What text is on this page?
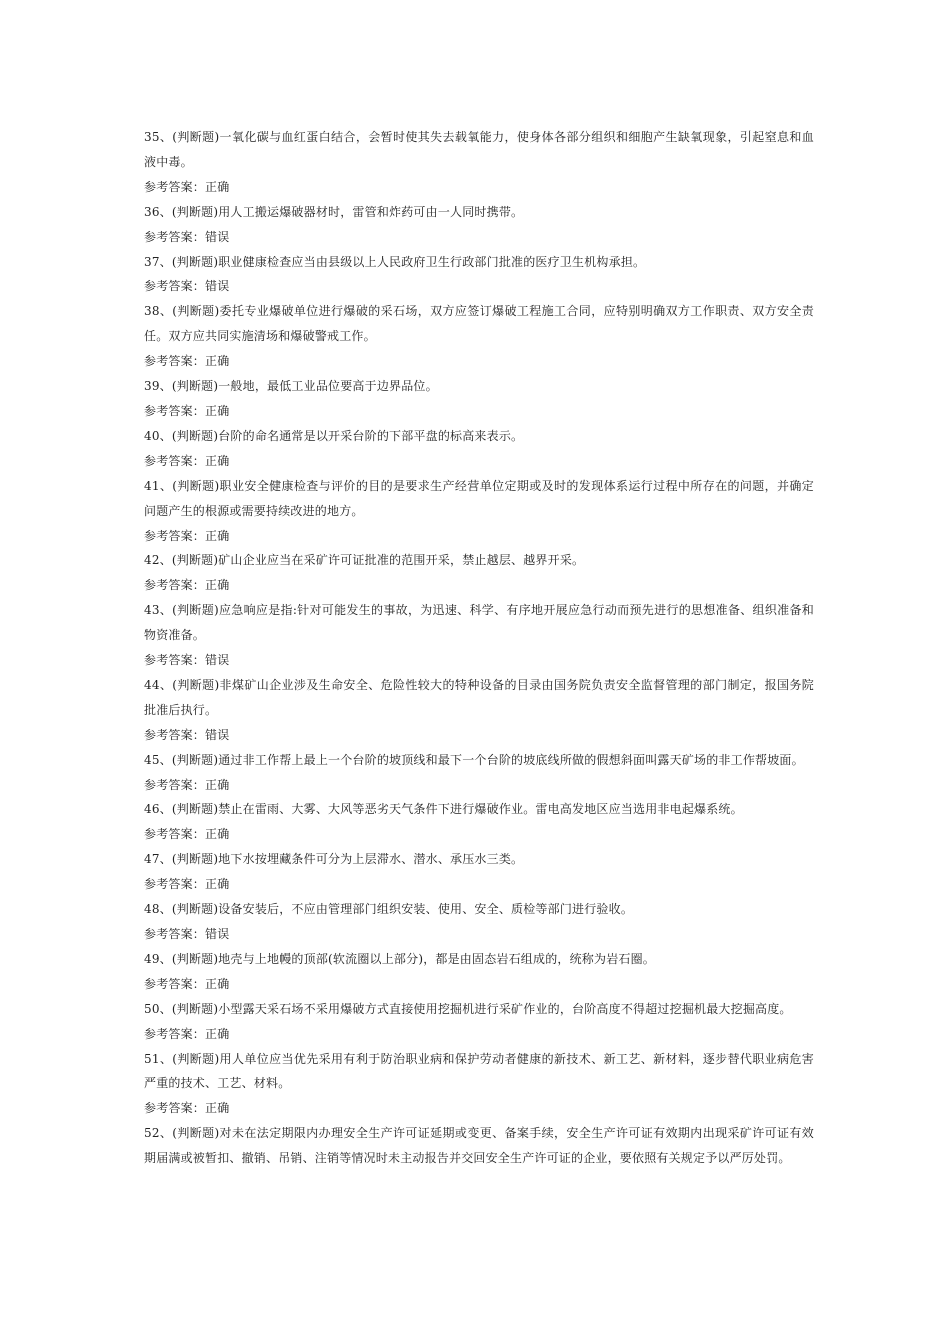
35、(判断题)一氧化碳与血红蛋白结合，会暂时使其失去载氧能力，使身体各部分组织和细胞产生缺氧现象，引起窒息和血液中毒。

参考答案：正确

36、(判断题)用人工搬运爆破器材时，雷管和炸药可由一人同时携带。

参考答案：错误

37、(判断题)职业健康检查应当由县级以上人民政府卫生行政部门批准的医疗卫生机构承担。

参考答案：错误

38、(判断题)委托专业爆破单位进行爆破的采石场，双方应签订爆破工程施工合同，应特别明确双方工作职责、双方安全责任。双方应共同实施清场和爆破警戒工作。

参考答案：正确

39、(判断题)一般地，最低工业品位要高于边界品位。

参考答案：正确

40、(判断题)台阶的命名通常是以开采台阶的下部平盘的标高来表示。

参考答案：正确

41、(判断题)职业安全健康检查与评价的目的是要求生产经营单位定期或及时的发现体系运行过程中所存在的问题，并确定问题产生的根源或需要持续改进的地方。

参考答案：正确

42、(判断题)矿山企业应当在采矿许可证批准的范围开采，禁止越层、越界开采。

参考答案：正确

43、(判断题)应急响应是指:针对可能发生的事故，为迅速、科学、有序地开展应急行动而预先进行的思想准备、组织准备和物资准备。

参考答案：错误

44、(判断题)非煤矿山企业涉及生命安全、危险性较大的特种设备的目录由国务院负责安全监督管理的部门制定，报国务院批准后执行。

参考答案：错误

45、(判断题)通过非工作帮上最上一个台阶的坡顶线和最下一个台阶的坡底线所做的假想斜面叫露天矿场的非工作帮坡面。

参考答案：正确

46、(判断题)禁止在雷雨、大雾、大风等恶劣天气条件下进行爆破作业。雷电高发地区应当选用非电起爆系统。

参考答案：正确

47、(判断题)地下水按埋藏条件可分为上层滞水、潜水、承压水三类。

参考答案：正确

48、(判断题)设备安装后，不应由管理部门组织安装、使用、安全、质检等部门进行验收。

参考答案：错误

49、(判断题)地壳与上地幔的顶部(软流圈以上部分)，都是由固态岩石组成的，统称为岩石圈。

参考答案：正确

50、(判断题)小型露天采石场不采用爆破方式直接使用挖掘机进行采矿作业的，台阶高度不得超过挖掘机最大挖掘高度。

参考答案：正确

51、(判断题)用人单位应当优先采用有利于防治职业病和保护劳动者健康的新技术、新工艺、新材料，逐步替代职业病危害严重的技术、工艺、材料。

参考答案：正确

52、(判断题)对未在法定期限内办理安全生产许可证延期或变更、备案手续，安全生产许可证有效期内出现采矿许可证有效期届满或被暂扣、撤销、吊销、注销等情况时未主动报告并交回安全生产许可证的企业，要依照有关规定予以严厉处罚。
